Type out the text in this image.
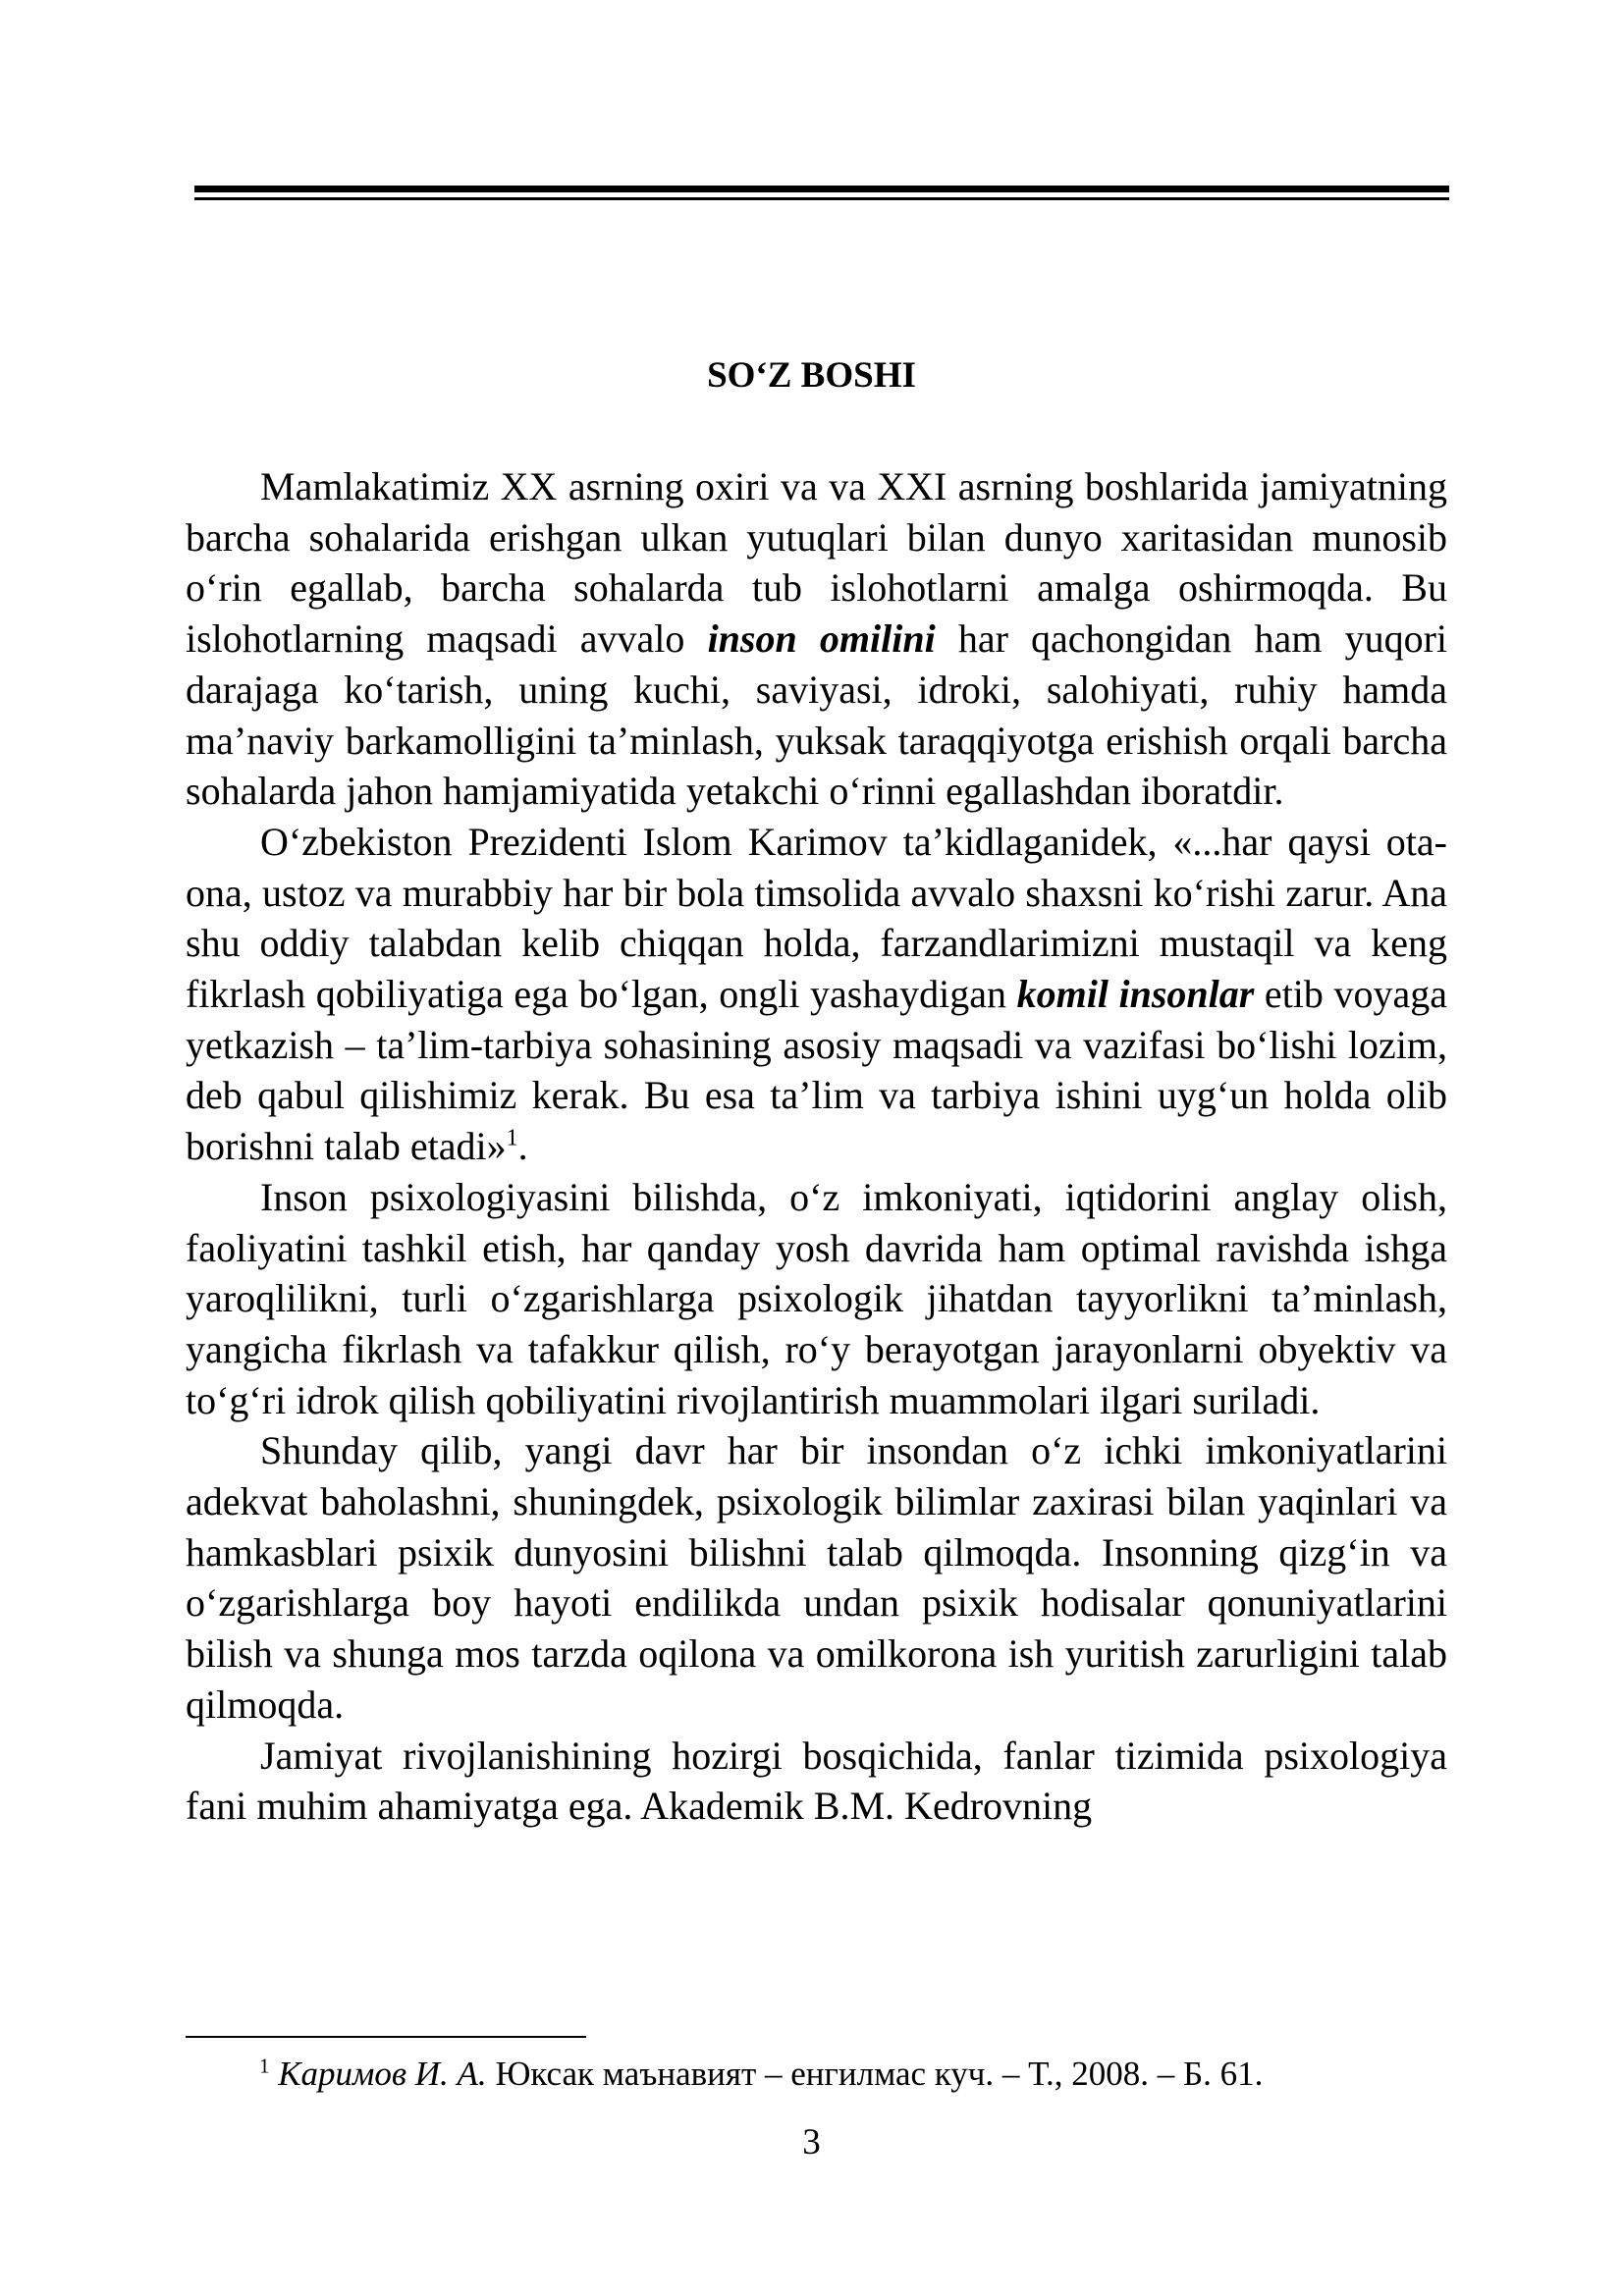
SO‘Z BOSHI

Mamlakatimiz XX asrning oxiri va va XXI asrning boshlarida jamiyatning barcha sohalarida erishgan ulkan yutuqlari bilan dunyo xaritasidan munosib o‘rin egallab, barcha sohalarda tub islohotlarni amalga oshirmoqda. Bu islohotlarning maqsadi avvalo inson omilini har qachongidan ham yuqori darajaga ko‘tarish, uning kuchi, saviyasi, idroki, salohiyati, ruhiy hamda ma’naviy barkamolligini ta’minlash, yuksak taraqqiyotga erishish orqali barcha sohalarda jahon hamjamiyatida yetakchi o‘rinni egallashdan iboratdir.

O‘zbekiston Prezidenti Islom Karimov ta’kidlaganidek, «...har qaysi ota-ona, ustoz va murabbiy har bir bola timsolida avvalo shaxsni ko‘rishi zarur. Ana shu oddiy talabdan kelib chiqqan holda, farzandlarimizni mustaqil va keng fikrlash qobiliyatiga ega bo‘lgan, ongli yashaydigan komil insonlar etib voyaga yetkazish – ta’lim-tarbiya sohasining asosiy maqsadi va vazifasi bo‘lishi lozim, deb qabul qilishimiz kerak. Bu esa ta’lim va tarbiya ishini uyg‘un holda olib borishni talab etadi»$^1$.

Inson psixologiyasini bilishda, o‘z imkoniyati, iqtidorini anglay olish, faoliyatini tashkil etish, har qanday yosh davrida ham optimal ravishda ishga yaroqlilikni, turli o‘zgarishlarga psixologik jihatdan tayyorlikni ta’minlash, yangicha fikrlash va tafakkur qilish, ro‘y berayotgan jarayonlarni obyektiv va to‘g‘ri idrok qilish qobiliyatini rivojlantirish muammolari ilgari suriladi.

Shunday qilib, yangi davr har bir insondan o‘z ichki imkoniyatlarini adekvat baholashni, shuningdek, psixologik bilimlar zaxirasi bilan yaqinlari va hamkasblari psixik dunyosini bilishni talab qilmoqda. Insonning qizg‘in va o‘zgarishlarga boy hayoti endilikda undan psixik hodisalar qonuniyatlarini bilish va shunga mos tarzda oqilona va omilkorona ish yuritish zarurligini talab qilmoqda.

Jamiyat rivojlanishining hozirgi bosqichida, fanlar tizimida psixologiya fani muhim ahamiyatga ega. Akademik B.M. Kedrovning

$^1$ Каримов И. А. Юксак маънавият – енгилмас куч. – Т., 2008. – Б. 61.

3
